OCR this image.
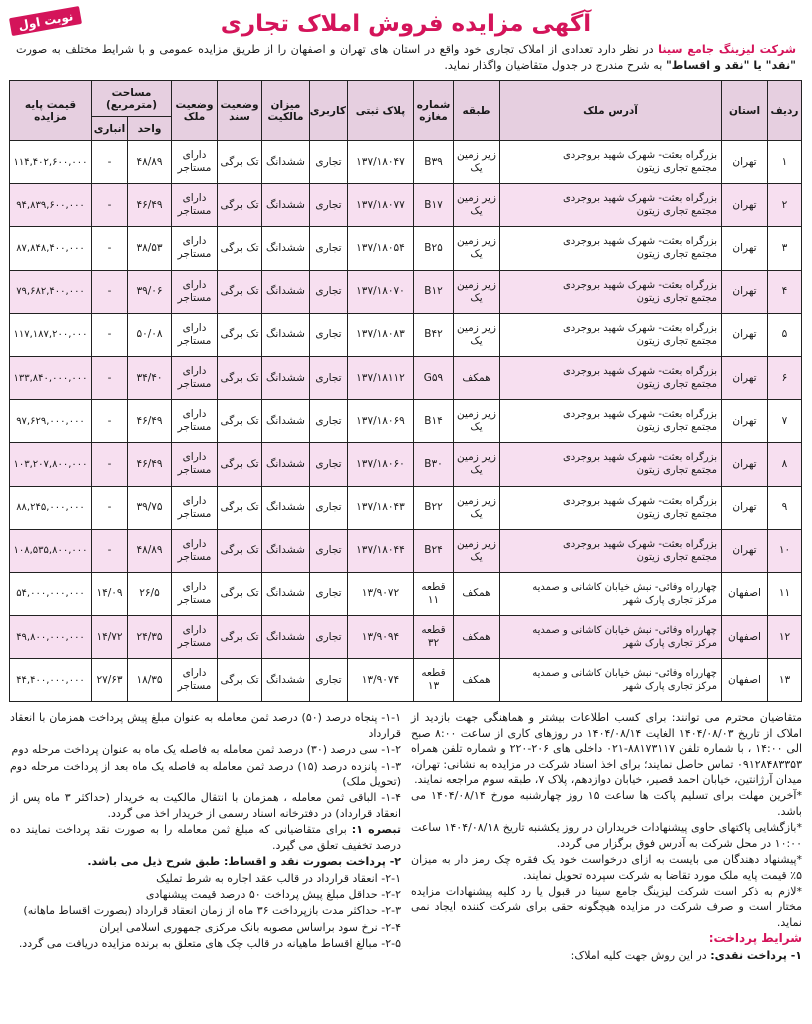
آگهی مزایده فروش املاک تجاری
نوبت اول
شرکت لیزینگ جامع سینا در نظر دارد تعدادی از املاک تجاری خود واقع در استان های تهران و اصفهان را از طریق مزایده عمومی و با شرایط مختلف به صورت "نقد" یا "نقد و اقساط" به شرح مندرج در جدول متقاضیان واگذار نماید.
ردیف	استان	آدرس ملک	طبقه	شماره مغازه	پلاک ثبتی	کاربری	میزان مالکیت	وضعیت سند	وضعیت ملک	مساحت (مترمربع)		قیمت پایه مزایده
										واحد	انباری	
۱	تهران	بزرگراه بعثت- شهرک شهید بروجردی
مجتمع تجاری زیتون	زیر زمین یک	B۳۹	۱۳۷/۱۸۰۴۷	تجاری	ششدانگ	تک برگی	دارای مستاجر	۴۸/۸۹	-	۱۱۴,۴۰۲,۶۰۰,۰۰۰
۲	تهران	بزرگراه بعثت- شهرک شهید بروجردی
مجتمع تجاری زیتون	زیر زمین یک	B۱۷	۱۳۷/۱۸۰۷۷	تجاری	ششدانگ	تک برگی	دارای مستاجر	۴۶/۴۹	-	۹۴,۸۳۹,۶۰۰,۰۰۰
۳	تهران	بزرگراه بعثت- شهرک شهید بروجردی
مجتمع تجاری زیتون	زیر زمین یک	B۲۵	۱۳۷/۱۸۰۵۴	تجاری	ششدانگ	تک برگی	دارای مستاجر	۳۸/۵۳	-	۸۷,۸۴۸,۴۰۰,۰۰۰
۴	تهران	بزرگراه بعثت- شهرک شهید بروجردی
مجتمع تجاری زیتون	زیر زمین یک	B۱۲	۱۳۷/۱۸۰۷۰	تجاری	ششدانگ	تک برگی	دارای مستاجر	۳۹/۰۶	-	۷۹,۶۸۲,۴۰۰,۰۰۰
۵	تهران	بزرگراه بعثت- شهرک شهید بروجردی
مجتمع تجاری زیتون	زیر زمین یک	B۴۲	۱۳۷/۱۸۰۸۳	تجاری	ششدانگ	تک برگی	دارای مستاجر	۵۰/۰۸	-	۱۱۷,۱۸۷,۲۰۰,۰۰۰
۶	تهران	بزرگراه بعثت- شهرک شهید بروجردی
مجتمع تجاری زیتون	همکف	G۵۹	۱۳۷/۱۸۱۱۲	تجاری	ششدانگ	تک برگی	دارای مستاجر	۳۴/۴۰	-	۱۳۳,۸۴۰,۰۰۰,۰۰۰
۷	تهران	بزرگراه بعثت- شهرک شهید بروجردی
مجتمع تجاری زیتون	زیر زمین یک	B۱۴	۱۳۷/۱۸۰۶۹	تجاری	ششدانگ	تک برگی	دارای مستاجر	۴۶/۴۹	-	۹۷,۶۲۹,۰۰۰,۰۰۰
۸	تهران	بزرگراه بعثت- شهرک شهید بروجردی
مجتمع تجاری زیتون	زیر زمین یک	B۳۰	۱۳۷/۱۸۰۶۰	تجاری	ششدانگ	تک برگی	دارای مستاجر	۴۶/۴۹	-	۱۰۳,۲۰۷,۸۰۰,۰۰۰
۹	تهران	بزرگراه بعثت- شهرک شهید بروجردی
مجتمع تجاری زیتون	زیر زمین یک	B۲۲	۱۳۷/۱۸۰۴۳	تجاری	ششدانگ	تک برگی	دارای مستاجر	۳۹/۷۵	-	۸۸,۲۴۵,۰۰۰,۰۰۰
۱۰	تهران	بزرگراه بعثت- شهرک شهید بروجردی
مجتمع تجاری زیتون	زیر زمین یک	B۲۴	۱۳۷/۱۸۰۴۴	تجاری	ششدانگ	تک برگی	دارای مستاجر	۴۸/۸۹	-	۱۰۸,۵۳۵,۸۰۰,۰۰۰
۱۱	اصفهان	چهارراه وفائی- نبش خیابان کاشانی و صمدیه
مرکز تجاری پارک شهر	همکف	قطعه ۱۱	۱۳/۹۰۷۲	تجاری	ششدانگ	تک برگی	دارای مستاجر	۲۶/۵	۱۴/۰۹	۵۴,۰۰۰,۰۰۰,۰۰۰
۱۲	اصفهان	چهارراه وفائی- نبش خیابان کاشانی و صمدیه
مرکز تجاری پارک شهر	همکف	قطعه ۳۲	۱۳/۹۰۹۴	تجاری	ششدانگ	تک برگی	دارای مستاجر	۲۴/۳۵	۱۴/۷۲	۴۹,۸۰۰,۰۰۰,۰۰۰
۱۳	اصفهان	چهارراه وفائی- نبش خیابان کاشانی و صمدیه
مرکز تجاری پارک شهر	همکف	قطعه ۱۳	۱۳/۹۰۷۴	تجاری	ششدانگ	تک برگی	دارای مستاجر	۱۸/۳۵	۲۷/۶۳	۴۴,۴۰۰,۰۰۰,۰۰۰

متقاضیان محترم می توانند: برای کسب اطلاعات بیشتر و هماهنگی جهت بازدید از املاک از تاریخ ۱۴۰۴/۰۸/۰۳ الغایت ۱۴۰۴/۰۸/۱۴ در روزهای کاری از ساعت ۸:۰۰ صبح الی ۱۴:۰۰ ، با شماره تلفن ۸۸۱۷۳۱۱۷-۰۲۱ داخلی های ۲۰۶-۲۲۰ و شماره تلفن همراه ۰۹۱۲۸۴۸۳۳۵۳ تماس حاصل نمایند؛ برای اخذ اسناد شرکت در مزایده به نشانی: تهران، میدان آرژانتین، خیابان احمد قصیر، خیابان دوازدهم، پلاک ۷، طبقه سوم مراجعه نمایند.

*آخرین مهلت برای تسلیم پاکت ها ساعت ۱۵ روز چهارشنبه مورخ ۱۴۰۴/۰۸/۱۴ می باشد.

*بازگشایی پاکتهای حاوی پیشنهادات خریداران در روز یکشنبه تاریخ ۱۴۰۴/۰۸/۱۸ ساعت ۱۰:۰۰ در محل شرکت به آدرس فوق برگزار می گردد.

*پیشنهاد دهندگان می بایست به ازای درخواست خود یک فقره چک رمز دار به میزان ۵٪ قیمت پایه ملک مورد تقاضا به شرکت سپرده تحویل نمایند.

*لازم به ذکر است شرکت لیزینگ جامع سینا در قبول یا رد کلیه پیشنهادات مزایده مختار است و صرف شرکت در مزایده هیچگونه حقی برای شرکت کننده ایجاد نمی نماید.

شرایط پرداخت:

۱- پرداخت نقدی: در این روش جهت کلیه املاک:

۱-۱- پنجاه درصد (۵۰) درصد ثمن معامله به عنوان مبلغ پیش پرداخت همزمان با انعقاد قرارداد

۱-۲- سی درصد (۳۰) درصد ثمن معامله به فاصله یک ماه به عنوان پرداخت مرحله دوم

۱-۳- پانزده درصد (۱۵) درصد ثمن معامله به فاصله یک ماه بعد از پرداخت مرحله دوم (تحویل ملک)

۱-۴- الباقی ثمن معامله ، همزمان با انتقال مالکیت به خریدار (حداکثر ۳ ماه پس از انعقاد قرارداد) در دفترخانه اسناد رسمی از خریدار اخذ می گردد.

تبصره ۱: برای متقاضیانی که مبلغ ثمن معامله را به صورت نقد پرداخت نمایند ده درصد تخفیف تعلق می گیرد.

۲- پرداخت بصورت نقد و اقساط: طبق شرح ذیل می باشد.

۲-۱- انعقاد قرارداد در قالب عقد اجاره به شرط تملیک

۲-۲- حداقل مبلغ پیش پرداخت ۵۰ درصد قیمت پیشنهادی

۲-۳- حداکثر مدت بازپرداخت ۳۶ ماه از زمان انعقاد قرارداد (بصورت اقساط ماهانه)

۲-۴- نرخ سود براساس مصوبه بانک مرکزی جمهوری اسلامی ایران

۲-۵- مبالغ اقساط ماهیانه در قالب چک های متعلق به برنده مزایده دریافت می گردد.
